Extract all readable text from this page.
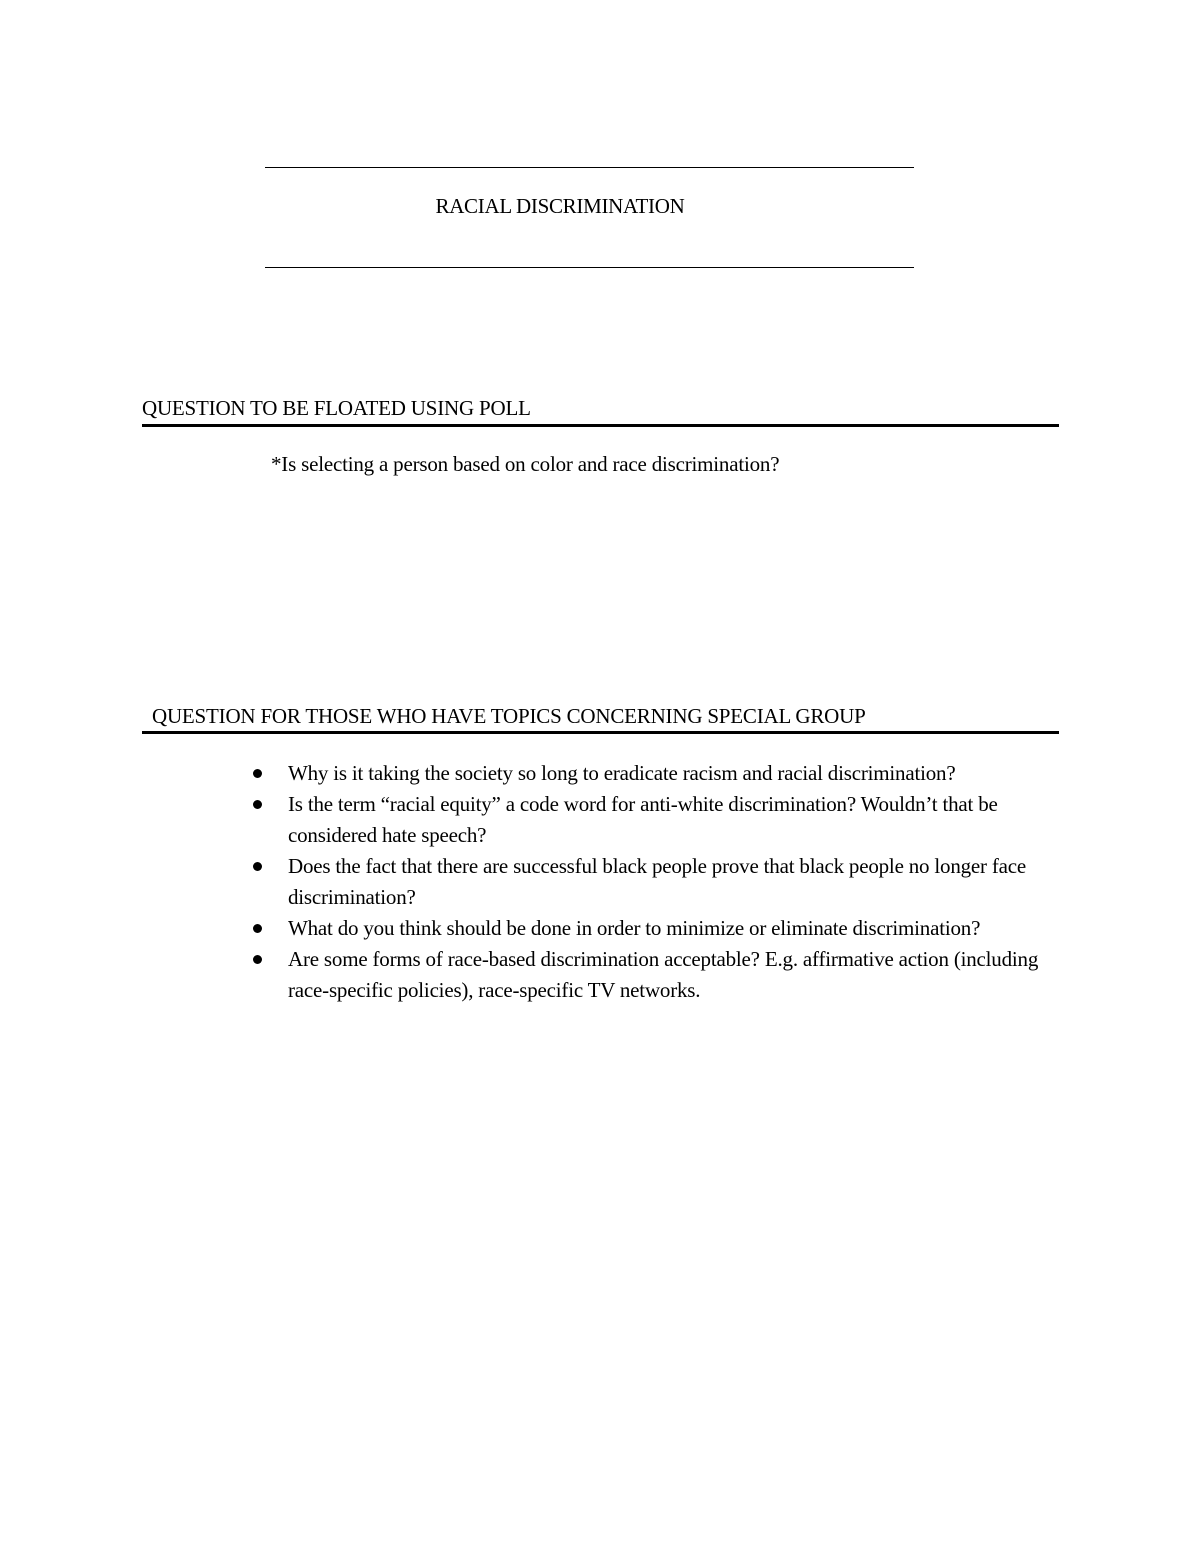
RACIAL DISCRIMINATION
QUESTION TO BE FLOATED USING POLL
*Is selecting a person based on color and race discrimination?
QUESTION FOR THOSE WHO HAVE TOPICS CONCERNING SPECIAL GROUP
Why is it taking the society so long to eradicate racism and racial discrimination?
Is the term “racial equity” a code word for anti-white discrimination? Wouldn’t that be considered hate speech?
Does the fact that there are successful black people prove that black people no longer face discrimination?
What do you think should be done in order to minimize or eliminate discrimination?
Are some forms of race-based discrimination acceptable? E.g. affirmative action (including race-specific policies), race-specific TV networks.
